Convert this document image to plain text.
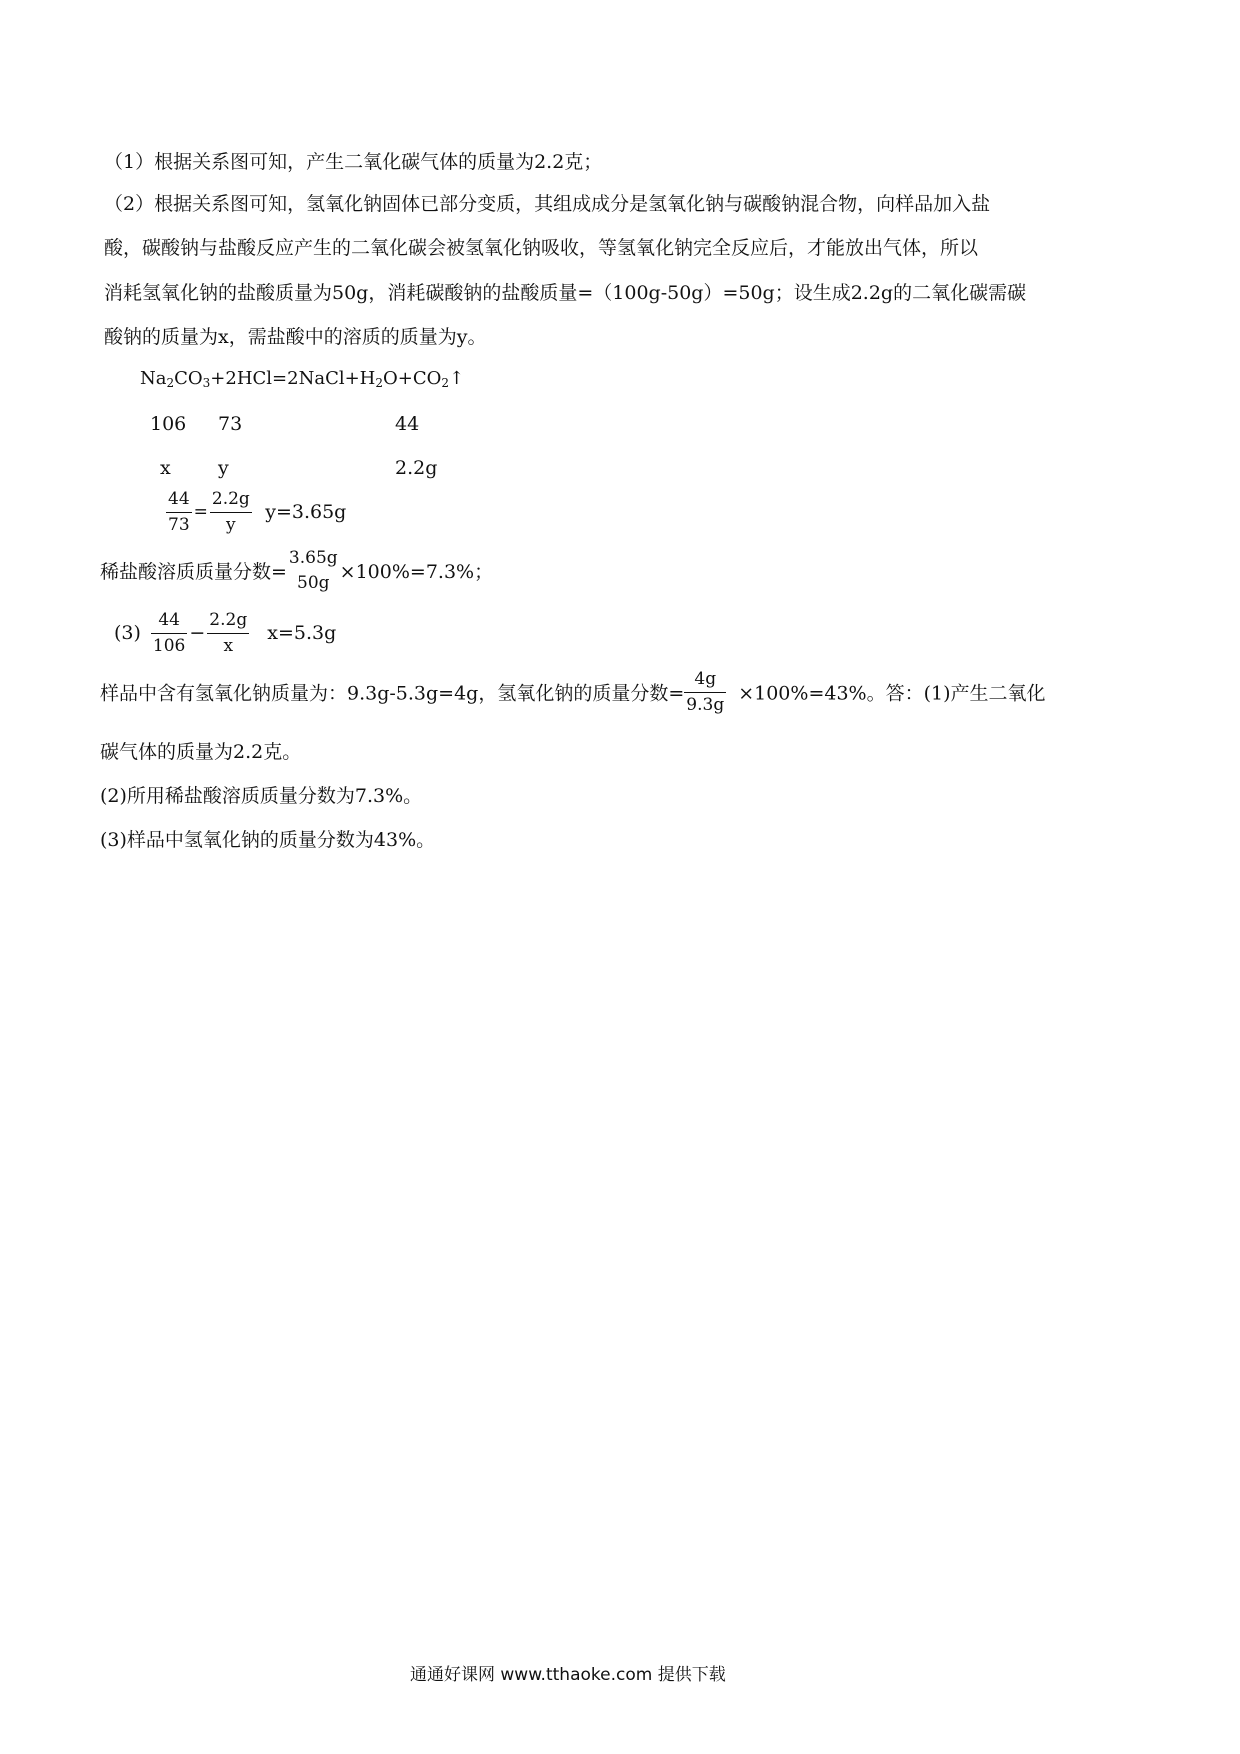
（1）根据关系图可知，产生二氧化碳气体的质量为2.2克；
（2）根据关系图可知，氢氧化钠固体已部分变质，其组成成分是氢氧化钠与碳酸钠混合物，向样品加入盐
酸，碳酸钠与盐酸反应产生的二氧化碳会被氢氧化钠吸收，等氢氧化钠完全反应后，才能放出气体，所以
消耗氢氧化钠的盐酸质量为50g，消耗碳酸钠的盐酸质量=（100g-50g）=50g；设生成2.2g的二氧化碳需碳
酸钠的质量为x，需盐酸中的溶质的质量为y。
$Na_2CO_3+2HCl=2NaCl+H_2O+CO_2↑$
106 73	44
x y	2.2g
$\frac{44}{73} = \frac{2.2g}{y} y=3.65g$
稀盐酸溶质质量分数=
3.65g
50g ×100%=7.3%；
$(3) \frac{44}{106} - \frac{2.2g}{x} x=5.3g$
样品中含有氢氧化钠质量为：9.3g-5.3g=4g，氢氧化钠的质量分数= $\frac{4g}{9.3g} \times 100\%=43\%$。答：(1)产生二氧化
碳气体的质量为2.2克。
(2)所用稀盐酸溶质质量分数为7.3%。
(3)样品中氢氧化钠的质量分数为43%。
通通好课网 www.tthaoke.com 提供下载
